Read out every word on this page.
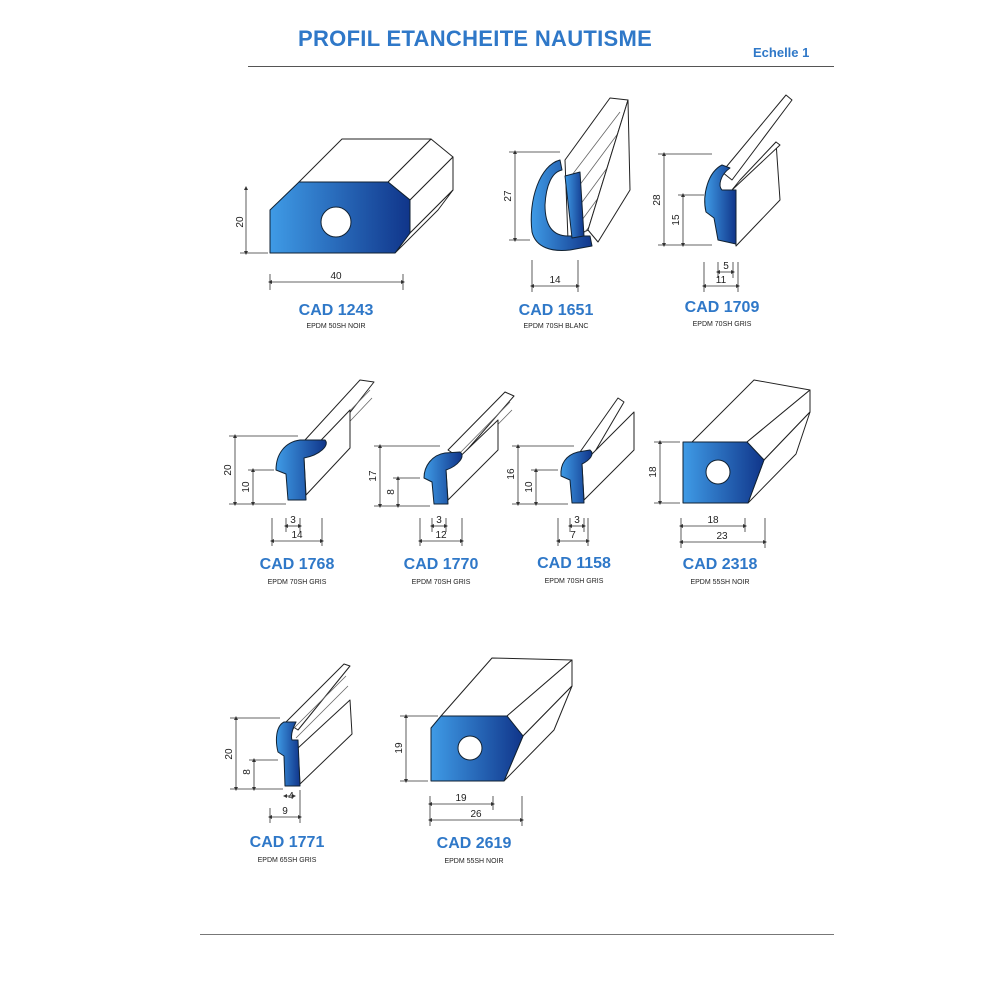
PROFIL ETANCHEITE NAUTISME
Echelle 1
20
40
CAD 1243
EPDM 50SH NOIR
27
14
CAD 1651
EPDM 70SH BLANC
28
15
5
11
CAD 1709
EPDM 70SH GRIS
20
10
3
14
CAD 1768
EPDM 70SH GRIS
17
8
3
12
CAD 1770
EPDM 70SH GRIS
16
10
3
7
CAD 1158
EPDM 70SH GRIS
18
18
23
CAD 2318
EPDM 55SH NOIR
20
8
4
9
CAD 1771
EPDM 65SH GRIS
19
19
26
CAD 2619
EPDM 55SH NOIR
